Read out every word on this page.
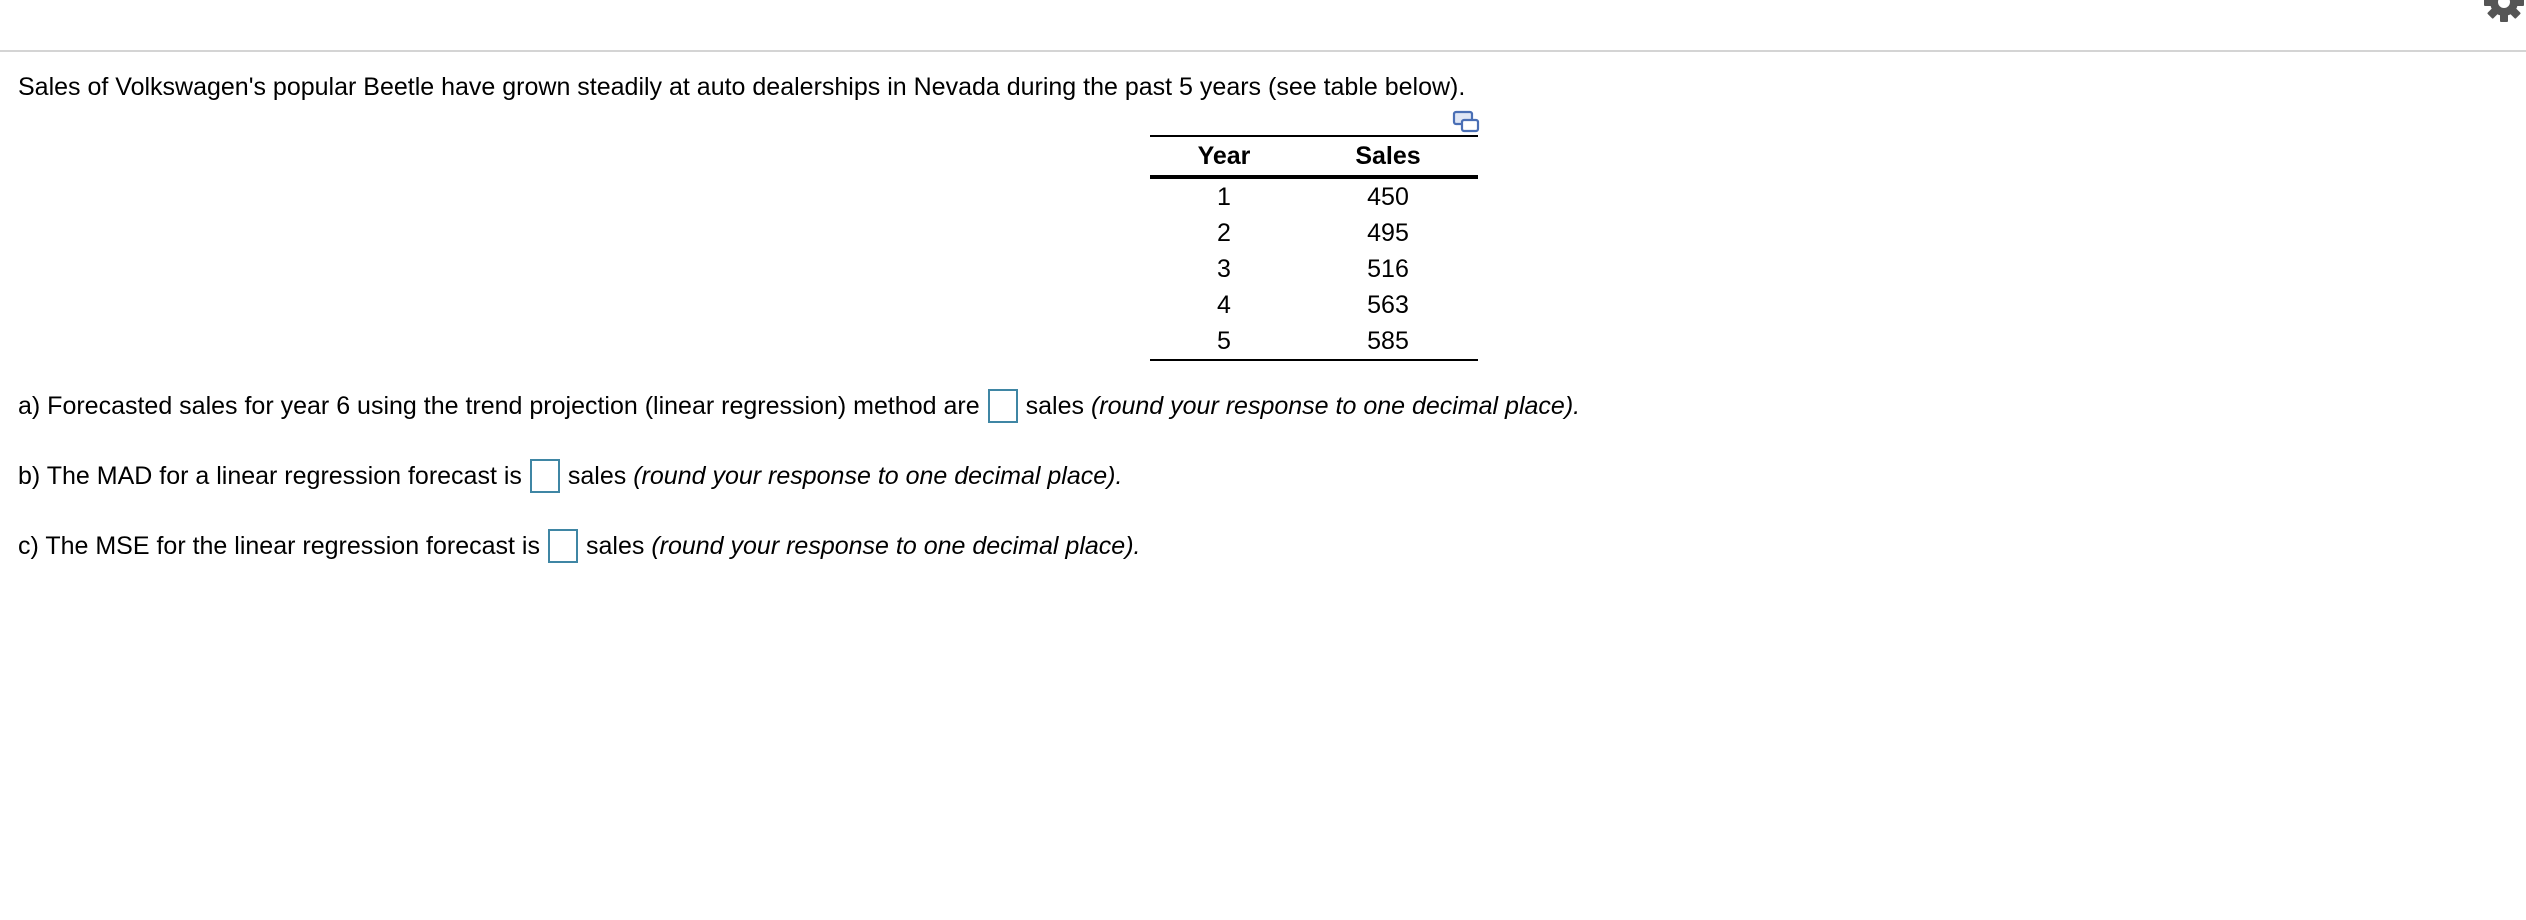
Sales of Volkswagen's popular Beetle have grown steadily at auto dealerships in Nevada during the past 5 years (see table below).
Year	Sales
1	450
2	495
3	516
4	563
5	585
a) Forecasted sales for year 6 using the trend projection (linear regression) method are sales
(round your response to one decimal place).
b) The MAD for a linear regression forecast is sales
(round your response to one decimal place).
c) The MSE for the linear regression forecast is sales
(round your response to one decimal place).
